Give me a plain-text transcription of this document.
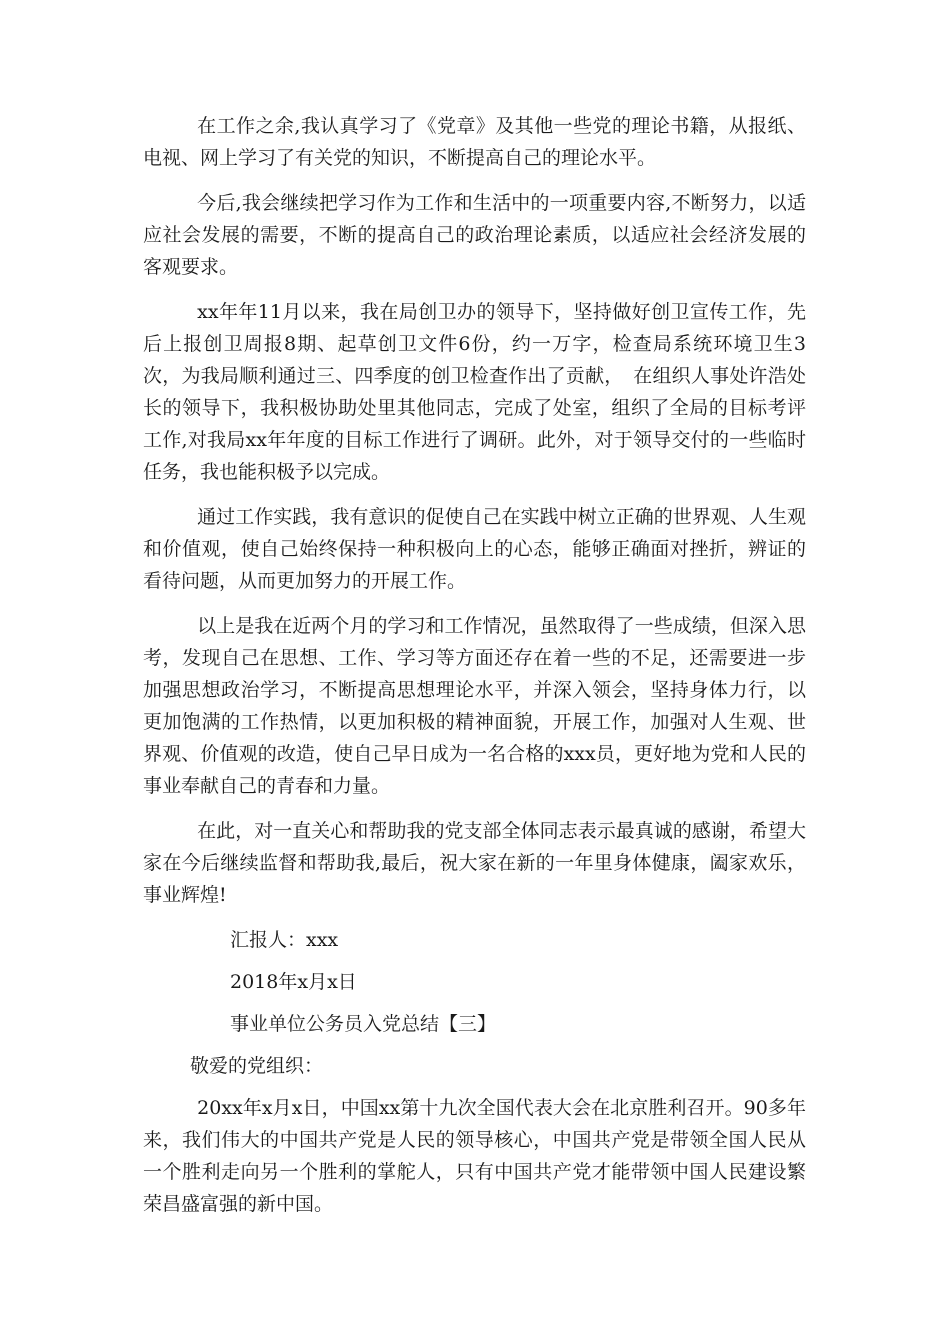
在工作之余,我认真学习了《党章》及其他一些党的理论书籍，从报纸、电视、网上学习了有关党的知识，不断提高自己的理论水平。

今后,我会继续把学习作为工作和生活中的一项重要内容,不断努力，以适应社会发展的需要，不断的提高自己的政治理论素质，以适应社会经济发展的客观要求。

xx年年11月以来，我在局创卫办的领导下，坚持做好创卫宣传工作，先后上报创卫周报8期、起草创卫文件6份，约一万字，检查局系统环境卫生3次，为我局顺利通过三、四季度的创卫检查作出了贡献，　在组织人事处许浩处长的领导下，我积极协助处里其他同志，完成了处室，组织了全局的目标考评工作,对我局xx年年度的目标工作进行了调研。此外，对于领导交付的一些临时任务，我也能积极予以完成。

通过工作实践，我有意识的促使自己在实践中树立正确的世界观、人生观和价值观，使自己始终保持一种积极向上的心态，能够正确面对挫折，辨证的看待问题，从而更加努力的开展工作。

以上是我在近两个月的学习和工作情况，虽然取得了一些成绩，但深入思考，发现自己在思想、工作、学习等方面还存在着一些的不足，还需要进一步加强思想政治学习，不断提高思想理论水平，并深入领会，坚持身体力行，以更加饱满的工作热情，以更加积极的精神面貌，开展工作，加强对人生观、世界观、价值观的改造，使自己早日成为一名合格的xxx员，更好地为党和人民的事业奉献自己的青春和力量。

在此，对一直关心和帮助我的党支部全体同志表示最真诚的感谢，希望大家在今后继续监督和帮助我,最后，祝大家在新的一年里身体健康，阖家欢乐，事业辉煌!

汇报人：xxx

2018年x月x日

事业单位公务员入党总结【三】

敬爱的党组织：

20xx年x月x日，中国xx第十九次全国代表大会在北京胜利召开。90多年来，我们伟大的中国共产党是人民的领导核心，中国共产党是带领全国人民从一个胜利走向另一个胜利的掌舵人，只有中国共产党才能带领中国人民建设繁荣昌盛富强的新中国。
